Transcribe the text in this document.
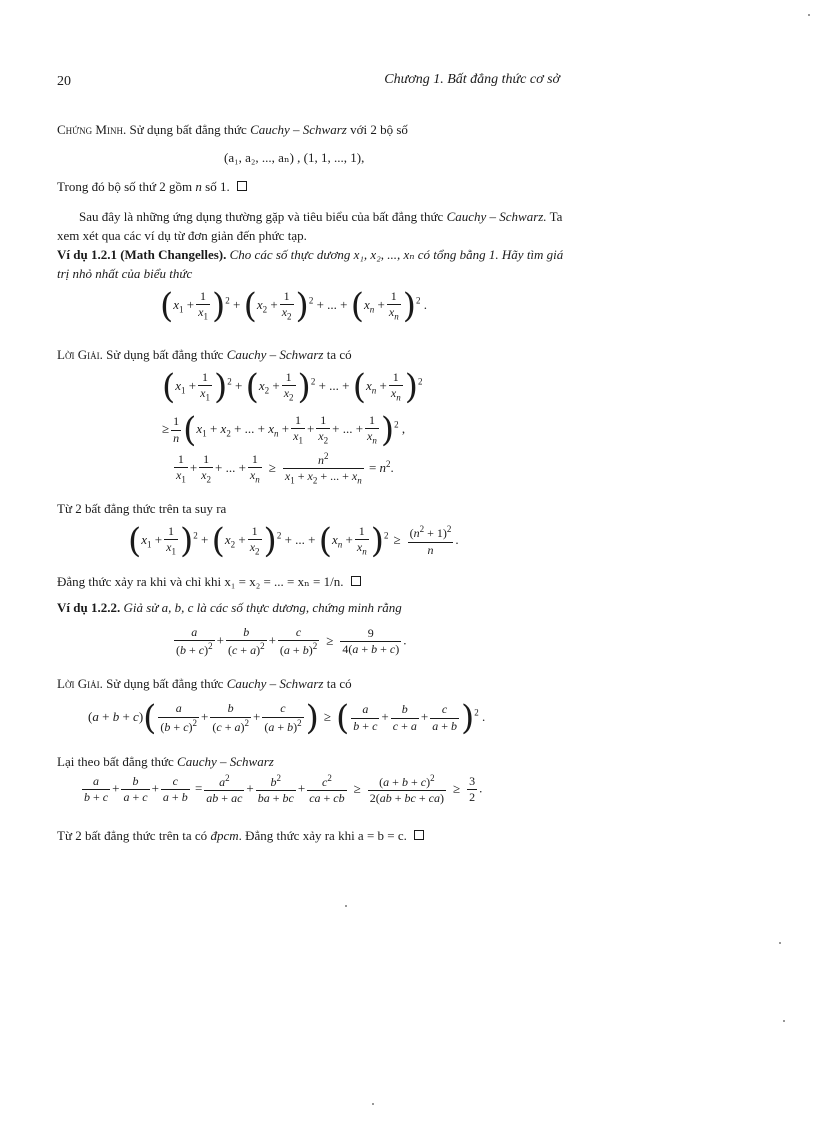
20	Chương 1. Bất đẳng thức cơ sở
Chứng Minh. Sử dụng bất đẳng thức Cauchy – Schwarz với 2 bộ số
(a₁, a₂, ..., aₙ) , (1, 1, ..., 1),
Trong đó bộ số thứ 2 gồm n số 1.
Sau đây là những ứng dụng thường gặp và tiêu biểu của bất đẳng thức Cauchy – Schwarz. Ta xem xét qua các ví dụ từ đơn giản đến phức tạp.
Ví dụ 1.2.1 (Math Changelles). Cho các số thực dương x₁, x₂, ..., xₙ có tổng bằng 1. Hãy tìm giá trị nhỏ nhất của biểu thức
$(x_1 + \frac{1}{x_1} )^2 + (x_2 + \frac{1}{x_2} )^2$ + ... + $(x_n + \frac{1}{x_n} )^2$ .
Lời Giải. Sử dụng bất đẳng thức Cauchy – Schwarz ta có
$(x_1 + \frac{1}{x_1} )^2 + (x_2 + \frac{1}{x_2} )^2$ + ... + $(x_n + \frac{1}{x_n} )^2$
≥ $\frac{1}{n} (x_1 + x_2$ + ... + $x_n + \frac{1}{x_1} + \frac{1}{x_2}$ + ... + $\frac{1}{x_n} )^2$ ,
$\frac{1}{x_1} + \frac{1}{x_2}$ + ... + $\frac{1}{x_n} \ge \frac{n^2}{x_1 + x_2 + ... + x_n} = n^2$.
Từ 2 bất đẳng thức trên ta suy ra
$(x_1 + \frac{1}{x_1} )^2 + (x_2 + \frac{1}{x_2} )^2$ + ... + $(x_n + \frac{1}{x_n} )^2 \ge \frac{(n^2 + 1)^2}{n}$ .
Đẳng thức xảy ra khi và chỉ khi x₁ = x₂ = ... = xₙ = 1/n.
Ví dụ 1.2.2. Giả sử a, b, c là các số thực dương, chứng minh rằng
$\frac{a}{(b + c)^2} + \frac{b}{(c + a)^2} + \frac{c}{(a + b)^2} \ge \frac{9}{4(a + b + c)}$ .
Lời Giải. Sử dụng bất đẳng thức Cauchy – Schwarz ta có
$(a + b + c)( \frac{a}{(b + c)^2} + \frac{b}{(c + a)^2} + \frac{c}{(a + b)^2}$ ) ≥ ( $\frac{a}{b + c} + \frac{b}{c + a} + \frac{c}{a + b} )^2$ .
Lại theo bất đẳng thức Cauchy – Schwarz
$\frac{a}{b + c} + \frac{b}{a + c} + \frac{c}{a + b} = \frac{a^2}{ab + ac} + \frac{b^2}{ba + bc} + \frac{c^2}{ca + cb} \ge \frac{(a + b + c)^2}{2(ab + bc + ca)} \ge \frac{3}{2}$ .
Từ 2 bất đẳng thức trên ta có đpcm. Đẳng thức xảy ra khi a = b = c.
